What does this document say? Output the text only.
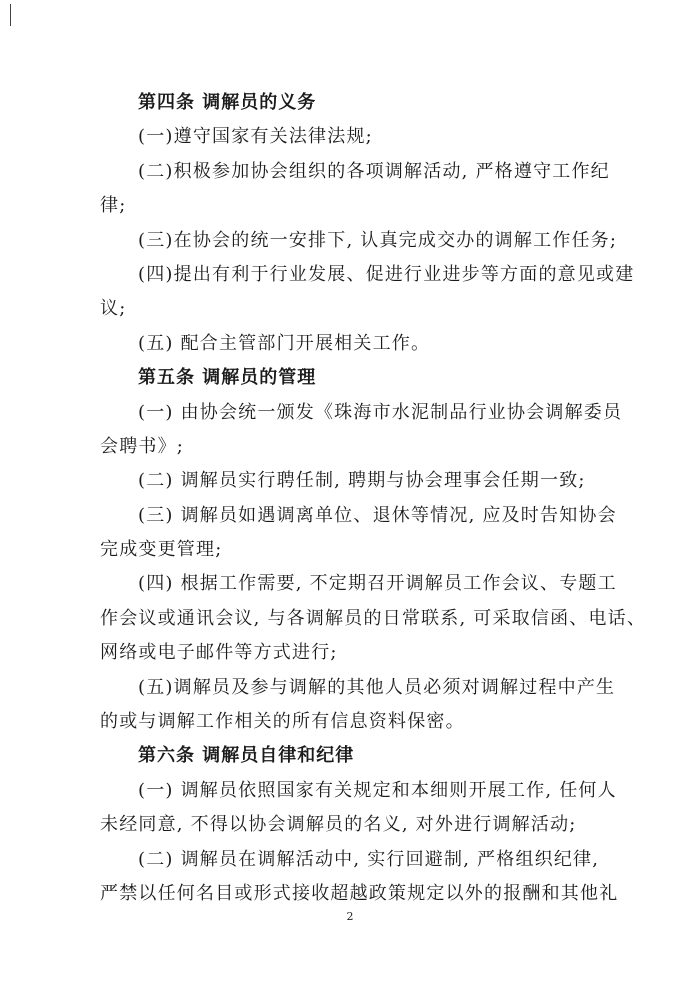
第四条 调解员的义务
(一)遵守国家有关法律法规;
(二)积极参加协会组织的各项调解活动, 严格遵守工作纪
律;
(三)在协会的统一安排下, 认真完成交办的调解工作任务;
(四)提出有利于行业发展、促进行业进步等方面的意见或建
议;
(五) 配合主管部门开展相关工作。
第五条 调解员的管理
(一) 由协会统一颁发《珠海市水泥制品行业协会调解委员
会聘书》;
(二) 调解员实行聘任制, 聘期与协会理事会任期一致;
(三) 调解员如遇调离单位、退休等情况, 应及时告知协会
完成变更管理;
(四) 根据工作需要, 不定期召开调解员工作会议、专题工
作会议或通讯会议, 与各调解员的日常联系, 可采取信函、电话、
网络或电子邮件等方式进行;
(五)调解员及参与调解的其他人员必须对调解过程中产生
的或与调解工作相关的所有信息资料保密。
第六条 调解员自律和纪律
(一) 调解员依照国家有关规定和本细则开展工作, 任何人
未经同意, 不得以协会调解员的名义, 对外进行调解活动;
(二) 调解员在调解活动中, 实行回避制, 严格组织纪律,
严禁以任何名目或形式接收超越政策规定以外的报酬和其他礼
2
